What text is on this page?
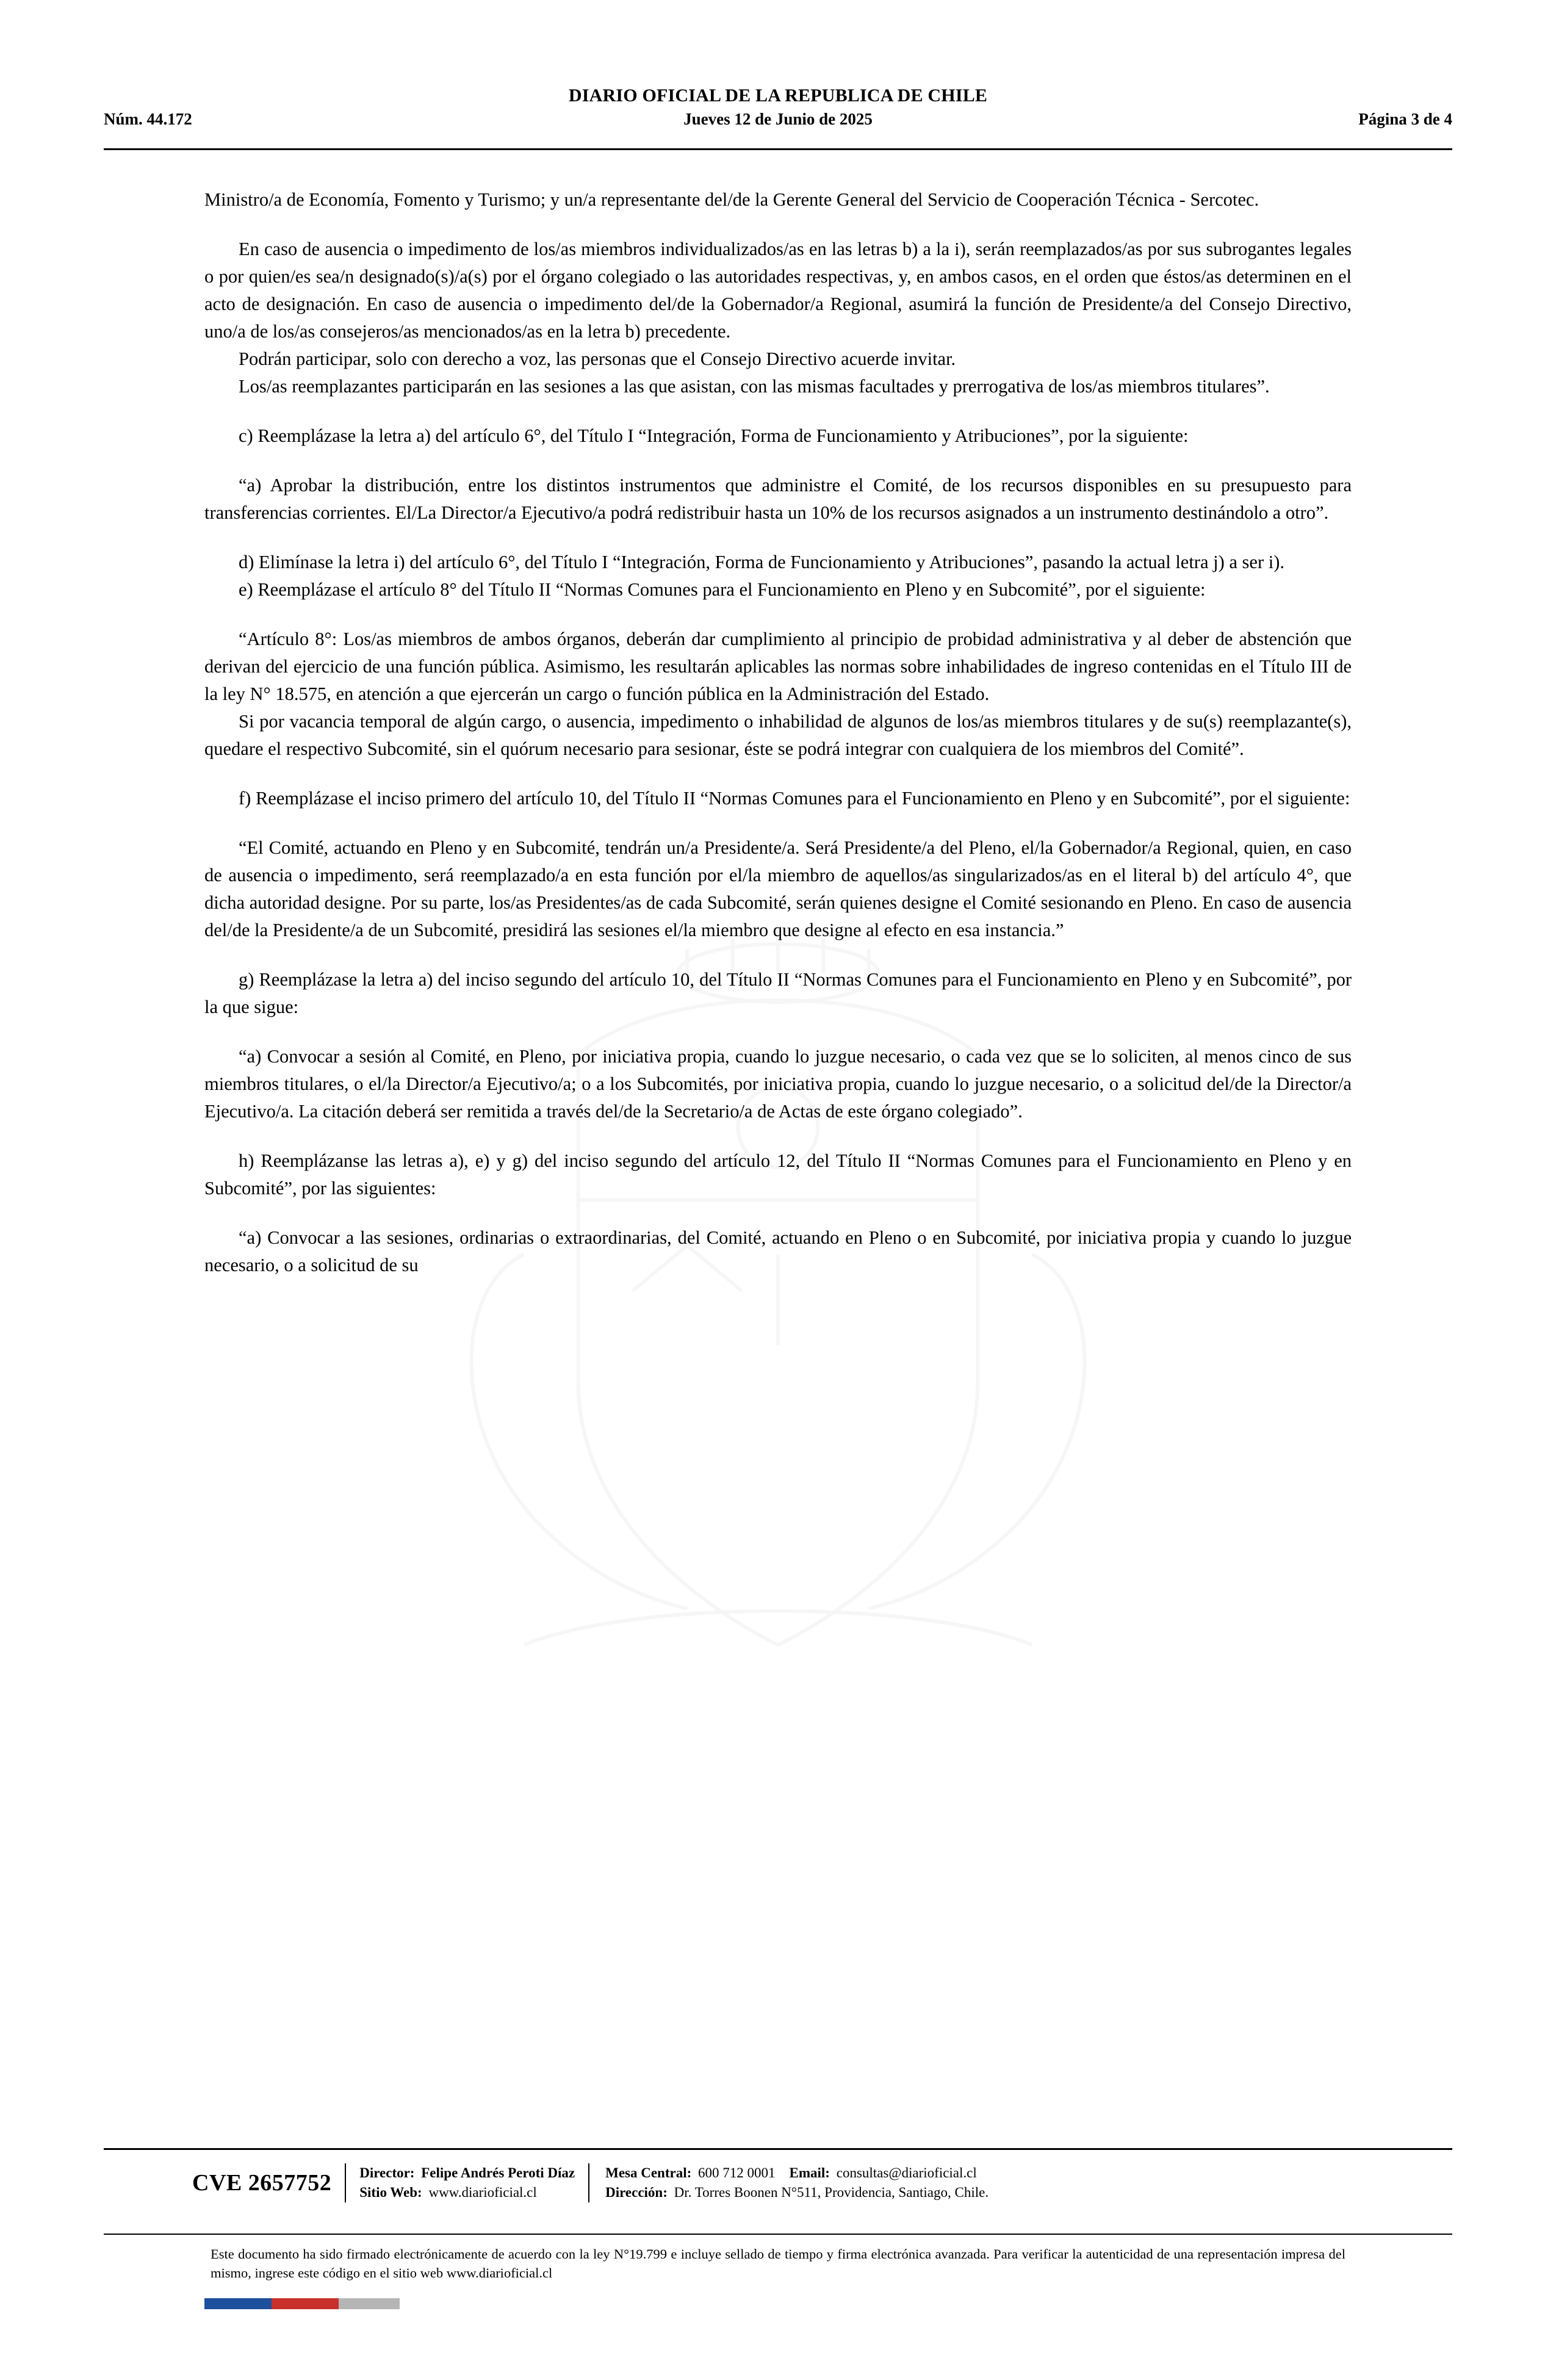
DIARIO OFICIAL DE LA REPUBLICA DE CHILE
Núm. 44.172	Jueves 12 de Junio de 2025	Página 3 de 4

Ministro/a de Economía, Fomento y Turismo; y un/a representante del/de la Gerente General del Servicio de Cooperación Técnica - Sercotec.

En caso de ausencia o impedimento de los/as miembros individualizados/as en las letras b) a la i), serán reemplazados/as por sus subrogantes legales o por quien/es sea/n designado(s)/a(s) por el órgano colegiado o las autoridades respectivas, y, en ambos casos, en el orden que éstos/as determinen en el acto de designación. En caso de ausencia o impedimento del/de la Gobernador/a Regional, asumirá la función de Presidente/a del Consejo Directivo, uno/a de los/as consejeros/as mencionados/as en la letra b) precedente.

Podrán participar, solo con derecho a voz, las personas que el Consejo Directivo acuerde invitar.

Los/as reemplazantes participarán en las sesiones a las que asistan, con las mismas facultades y prerrogativa de los/as miembros titulares”.

c) Reemplázase la letra a) del artículo 6°, del Título I “Integración, Forma de Funcionamiento y Atribuciones”, por la siguiente:

“a) Aprobar la distribución, entre los distintos instrumentos que administre el Comité, de los recursos disponibles en su presupuesto para transferencias corrientes. El/La Director/a Ejecutivo/a podrá redistribuir hasta un 10% de los recursos asignados a un instrumento destinándolo a otro”.

d) Elimínase la letra i) del artículo 6°, del Título I “Integración, Forma de Funcionamiento y Atribuciones”, pasando la actual letra j) a ser i).

e) Reemplázase el artículo 8° del Título II “Normas Comunes para el Funcionamiento en Pleno y en Subcomité”, por el siguiente:

“Artículo 8°: Los/as miembros de ambos órganos, deberán dar cumplimiento al principio de probidad administrativa y al deber de abstención que derivan del ejercicio de una función pública. Asimismo, les resultarán aplicables las normas sobre inhabilidades de ingreso contenidas en el Título III de la ley N° 18.575, en atención a que ejercerán un cargo o función pública en la Administración del Estado.

Si por vacancia temporal de algún cargo, o ausencia, impedimento o inhabilidad de algunos de los/as miembros titulares y de su(s) reemplazante(s), quedare el respectivo Subcomité, sin el quórum necesario para sesionar, éste se podrá integrar con cualquiera de los miembros del Comité”.

f) Reemplázase el inciso primero del artículo 10, del Título II “Normas Comunes para el Funcionamiento en Pleno y en Subcomité”, por el siguiente:

“El Comité, actuando en Pleno y en Subcomité, tendrán un/a Presidente/a. Será Presidente/a del Pleno, el/la Gobernador/a Regional, quien, en caso de ausencia o impedimento, será reemplazado/a en esta función por el/la miembro de aquellos/as singularizados/as en el literal b) del artículo 4°, que dicha autoridad designe. Por su parte, los/as Presidentes/as de cada Subcomité, serán quienes designe el Comité sesionando en Pleno. En caso de ausencia del/de la Presidente/a de un Subcomité, presidirá las sesiones el/la miembro que designe al efecto en esa instancia.”

g) Reemplázase la letra a) del inciso segundo del artículo 10, del Título II “Normas Comunes para el Funcionamiento en Pleno y en Subcomité”, por la que sigue:

“a) Convocar a sesión al Comité, en Pleno, por iniciativa propia, cuando lo juzgue necesario, o cada vez que se lo soliciten, al menos cinco de sus miembros titulares, o el/la Director/a Ejecutivo/a; o a los Subcomités, por iniciativa propia, cuando lo juzgue necesario, o a solicitud del/de la Director/a Ejecutivo/a. La citación deberá ser remitida a través del/de la Secretario/a de Actas de este órgano colegiado”.

h) Reemplázanse las letras a), e) y g) del inciso segundo del artículo 12, del Título II “Normas Comunes para el Funcionamiento en Pleno y en Subcomité”, por las siguientes:

“a) Convocar a las sesiones, ordinarias o extraordinarias, del Comité, actuando en Pleno o en Subcomité, por iniciativa propia y cuando lo juzgue necesario, o a solicitud de su

CVE 2657752 Director: Felipe Andrés Peroti Díaz
Sitio Web: www.diarioficial.cl
Mesa Central: 600 712 0001 Email: consultas@diarioficial.cl
Dirección: Dr. Torres Boonen N°511, Providencia, Santiago, Chile.
Este documento ha sido firmado electrónicamente de acuerdo con la ley N°19.799 e incluye sellado de tiempo y firma electrónica avanzada. Para verificar la autenticidad de una representación impresa del mismo, ingrese este código en el sitio web www.diarioficial.cl
